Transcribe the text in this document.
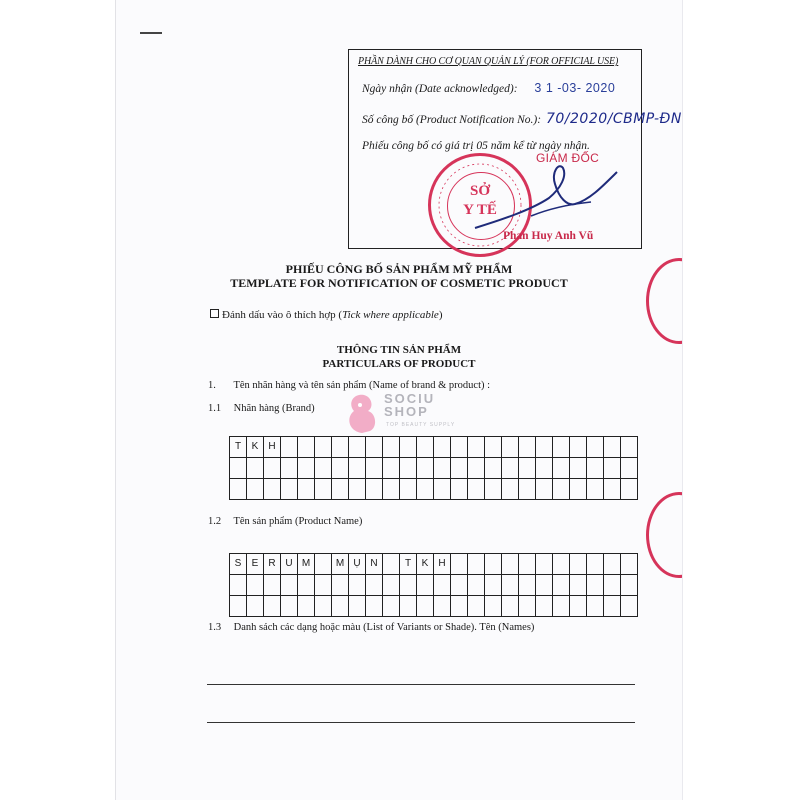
PHẦN DÀNH CHO CƠ QUAN QUẢN LÝ (FOR OFFICIAL USE)
Ngày nhận (Date acknowledged): 3 1 -03- 2020
Số công bố (Product Notification No.): 70/2020/CBMP-ĐN
Phiếu công bố có giá trị 05 năm kể từ ngày nhận.
GIÁM ĐỐC
SỞ
Y TẾ
Phan Huy Anh Vũ
PHIẾU CÔNG BỐ SẢN PHẨM MỸ PHẨM
TEMPLATE FOR NOTIFICATION OF COSMETIC PRODUCT
Đánh dấu vào ô thích hợp (Tick where applicable)
THÔNG TIN SẢN PHẨM
PARTICULARS OF PRODUCT
1. Tên nhãn hàng và tên sản phẩm (Name of brand & product) :
1.1 Nhãn hàng (Brand)
SOCIU
SHOP
TOP BEAUTY SUPPLY
T	K	H																					

1.2 Tên sản phẩm (Product Name)
S	E	R	U	M		M	Ụ	N		T	K	H											

1.3 Danh sách các dạng hoặc màu (List of Variants or Shade). Tên (Names)
